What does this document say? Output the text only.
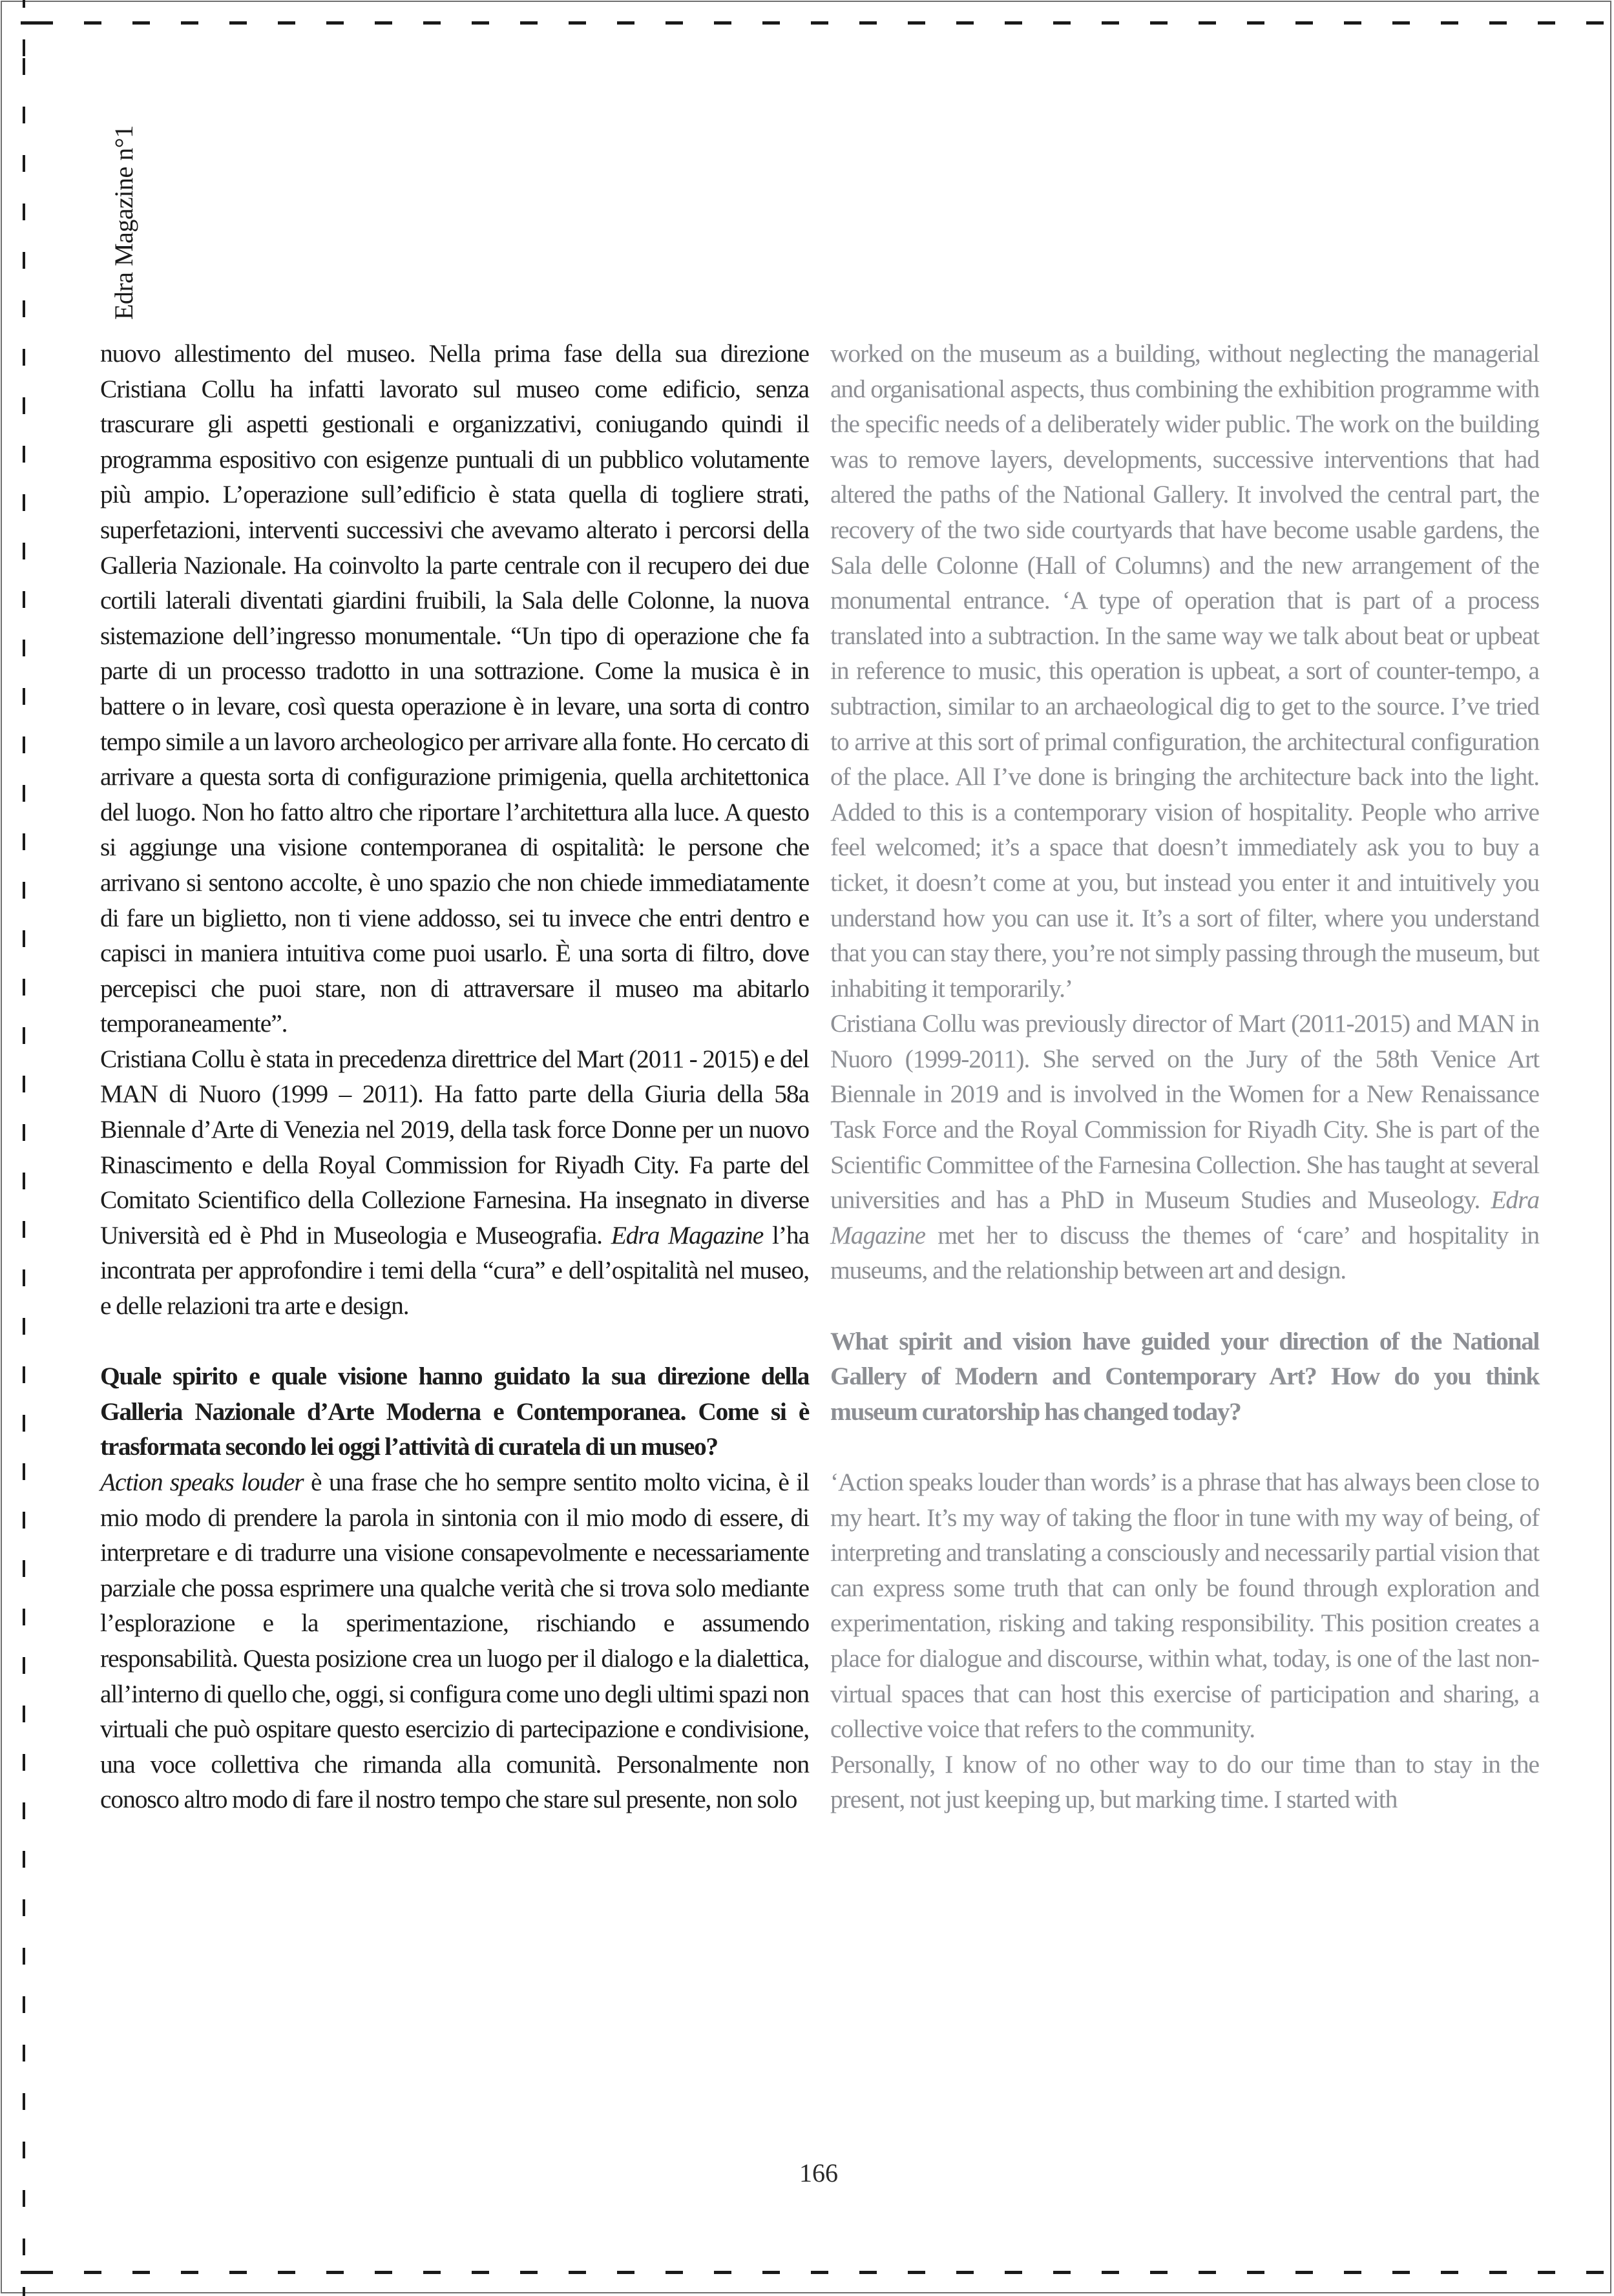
Edra Magazine n°1

nuovo allestimento del museo. Nella prima fase della sua direzione Cristiana Collu ha infatti lavorato sul museo come edificio, senza trascurare gli aspetti gestionali e organizzativi, coniugando quindi il programma espositivo con esigenze puntuali di un pubblico volutamente più ampio. L’operazione sull’edificio è stata quella di togliere strati, superfetazioni, interventi successivi che avevamo alterato i percorsi della Galleria Nazionale. Ha coinvolto la parte centrale con il recupero dei due cortili laterali diventati giardini fruibili, la Sala delle Colonne, la nuova sistemazione dell’ingresso monumentale. “Un tipo di operazione che fa parte di un processo tradotto in una sottrazione. Come la musica è in battere o in levare, così questa operazione è in levare, una sorta di contro tempo simile a un lavoro archeologico per arrivare alla fonte. Ho cercato di arrivare a questa sorta di configurazione primigenia, quella architettonica del luogo. Non ho fatto altro che riportare l’architettura alla luce. A questo si aggiunge una visione contemporanea di ospitalità: le persone che arrivano si sentono accolte, è uno spazio che non chiede immediatamente di fare un biglietto, non ti viene addosso, sei tu invece che entri dentro e capisci in maniera intuitiva come puoi usarlo. È una sorta di filtro, dove percepisci che puoi stare, non di attraversare il museo ma abitarlo temporaneamente”.

Cristiana Collu è stata in precedenza direttrice del Mart (2011 - 2015) e del MAN di Nuoro (1999 – 2011). Ha fatto parte della Giuria della 58a Biennale d’Arte di Venezia nel 2019, della task force Donne per un nuovo Rinascimento e della Royal Commission for Riyadh City. Fa parte del Comitato Scientifico della Collezione Farnesina. Ha insegnato in diverse Università ed è Phd in Museologia e Museografia. Edra Magazine l’ha incontrata per approfondire i temi della “cura” e dell’ospitalità nel museo, e delle relazioni tra arte e design.

Quale spirito e quale visione hanno guidato la sua direzione della Galleria Nazionale d’Arte Moderna e Contemporanea. Come si è trasformata secondo lei oggi l’attività di curatela di un museo?

Action speaks louder è una frase che ho sempre sentito molto vicina, è il mio modo di prendere la parola in sintonia con il mio modo di essere, di interpretare e di tradurre una visione consapevolmente e necessariamente parziale che possa esprimere una qualche verità che si trova solo mediante l’esplorazione e la sperimentazione, rischiando e assumendo responsabilità. Questa posizione crea un luogo per il dialogo e la dialettica, all’interno di quello che, oggi, si configura come uno degli ultimi spazi non virtuali che può ospitare questo esercizio di partecipazione e condivisione, una voce collettiva che rimanda alla comunità. Personalmente non conosco altro modo di fare il nostro tempo che stare sul presente, non solo

worked on the museum as a building, without neglecting the managerial and organisational aspects, thus combining the exhibition programme with the specific needs of a deliberately wider public. The work on the building was to remove layers, developments, successive interventions that had altered the paths of the National Gallery. It involved the central part, the recovery of the two side courtyards that have become usable gardens, the Sala delle Colonne (Hall of Columns) and the new arrangement of the monumental entrance. ‘A type of operation that is part of a process translated into a subtraction. In the same way we talk about beat or upbeat in reference to music, this operation is upbeat, a sort of counter-tempo, a subtraction, similar to an archaeological dig to get to the source. I’ve tried to arrive at this sort of primal configuration, the architectural configuration of the place. All I’ve done is bringing the architecture back into the light. Added to this is a contemporary vision of hospitality. People who arrive feel welcomed; it’s a space that doesn’t immediately ask you to buy a ticket, it doesn’t come at you, but instead you enter it and intuitively you understand how you can use it. It’s a sort of filter, where you understand that you can stay there, you’re not simply passing through the museum, but inhabiting it temporarily.’

Cristiana Collu was previously director of Mart (2011-2015) and MAN in Nuoro (1999-2011). She served on the Jury of the 58th Venice Art Biennale in 2019 and is involved in the Women for a New Renaissance Task Force and the Royal Commission for Riyadh City. She is part of the Scientific Committee of the Farnesina Collection. She has taught at several universities and has a PhD in Museum Studies and Museology. Edra Magazine met her to discuss the themes of ‘care’ and hospitality in museums, and the relationship between art and design.

What spirit and vision have guided your direction of the National Gallery of Modern and Contemporary Art? How do you think museum curatorship has changed today?

‘Action speaks louder than words’ is a phrase that has always been close to my heart. It’s my way of taking the floor in tune with my way of being, of interpreting and translating a consciously and necessarily partial vision that can express some truth that can only be found through exploration and experimentation, risking and taking responsibility. This position creates a place for dialogue and discourse, within what, today, is one of the last non-virtual spaces that can host this exercise of participation and sharing, a collective voice that refers to the community.

Personally, I know of no other way to do our time than to stay in the present, not just keeping up, but marking time. I started with

166
